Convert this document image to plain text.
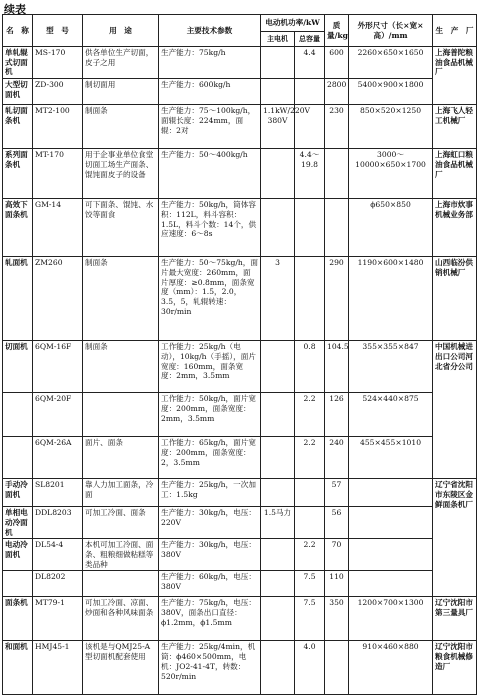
续表
名　称	型　号	用　途	主要技术参数	电动机功率/kW		质量/kg	外形尺寸（长×宽×高）/mm	生　产　厂
				主电机	总容量			
单轧辊式切面机	MS-170	供各单位生产切面，皮子之用	生产能力：75kg/h		4.4	600	2260×650×1650	上海普陀粮油食品机械厂
大型切面机	ZD-300	制切面用	生产能力：600kg/h			2800	5400×900×1800	
轧切面条机	MT2-100	制面条	生产能力：75～100kg/h，面辊长度：224mm，面辊：2对	1.1kW/220V 380V		230	850×520×1250	上海飞人轻工机械厂
系列面条机	MT-170	用于企事业单位食堂切面工场生产面条、馄饨面皮子的设备	生产能力：50～400kg/h		4.4～19.8		3000～10000×650×1700	上海虹口粮油食品机械厂
高效下面条机	GM-14	可下面条、馄饨、水饺等面食	生产能力：50kg/h，筒体容积：112L，料斗容积：1.5L，料斗个数：14个，供应速度：6～8s				ϕ650×850	上海市炊事机械业务部
轧面机	ZM260	制面条	生产能力：50～75kg/h，面片最大宽度：260mm，面片厚度：≥0.8mm，面条宽度（mm）：1.5，2.0，3.5，5，轧辊转速：30r/min	3		290	1190×600×1480	山西临汾供销机械厂
切面机	6QM-16F	制面条	工作能力：25kg/h（电动），10kg/h（手摇），面片宽度：160mm，面条宽度：2mm，3.5mm		0.8	104.5	355×355×847	中国机械进出口公司河北省分公司
	6QM-20F		工作能力：50kg/h，面片宽度：200mm，面条宽度：2mm，3.5mm		2.2	126	524×440×875	
	6QM-26A	面片、面条	工作能力：65kg/h，面片宽度：200mm，面条宽度：2，3.5mm		2.2	240	455×455×1010	
手动冷面机	SL8201	靠人力加工面条，冷面	生产能力：25kg/h，一次加工：1.5kg			57		辽宁省沈阳市东陵区金鲜面条机厂
单相电动冷面机	DDL8203	可加工冷面、面条	生产能力：30kg/h，电压：220V	1.5马力		56		
电动冷面机	DL54-4	本机可加工冷面、面条、粗粮细做粘糕等类品种	生产能力：30kg/h，电压：380V		2.2	70		
	DL8202		生产能力：60kg/h，电压：380V		7.5	110		
面条机	MT79-1	可加工冷面、凉面、炒面和各种风味面条	生产能力：75kg/h，电压：380V，面条出口直径：ϕ1.2mm，ϕ1.5mm		7.5	350	1200×700×1300	辽宁沈阳市第三量具厂
和面机	HMJ45-1	该机是与QMJ25-A型切面机配套使用	生产能力：25kg/4min，机筒：ϕ460×500mm，电机：JO2-41-4T，转数：520r/min		4.0		910×460×880	辽宁沈阳市粮食机械修造厂
